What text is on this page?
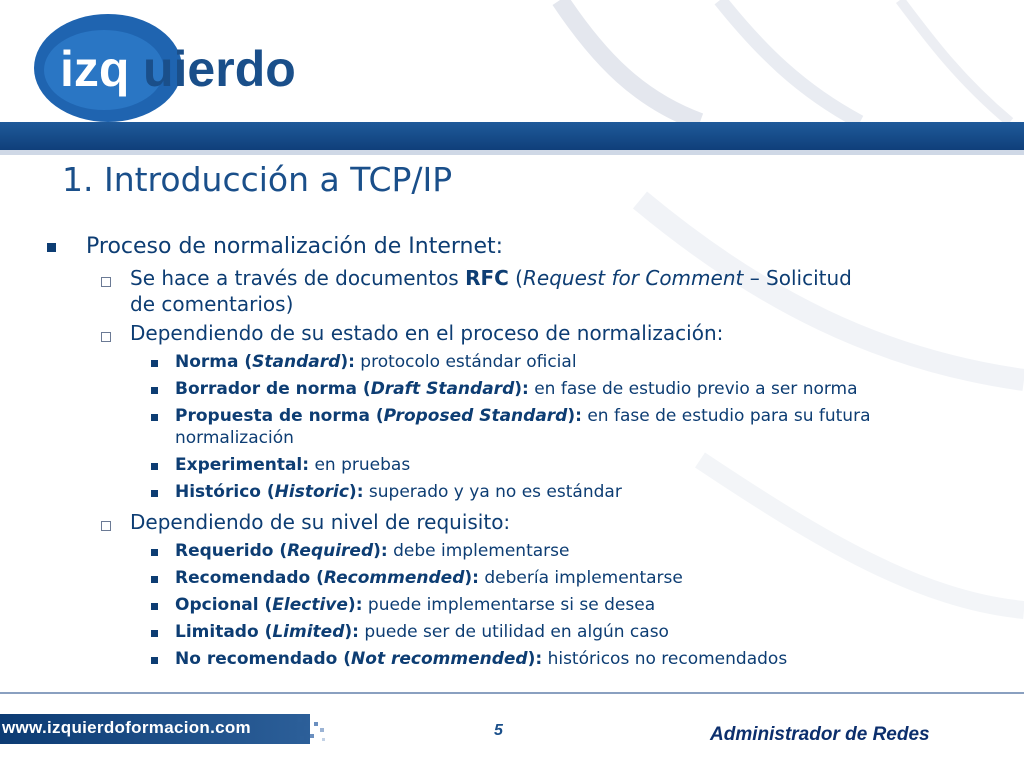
izq uierdo
1. Introducción a TCP/IP
Proceso de normalización de Internet:
Se hace a través de documentos RFC (Request for Comment – Solicitud
de comentarios)
Dependiendo de su estado en el proceso de normalización:
Norma (Standard): protocolo estándar oficial
Borrador de norma (Draft Standard): en fase de estudio previo a ser norma
Propuesta de norma (Proposed Standard): en fase de estudio para su futura
normalización
Experimental: en pruebas
Histórico (Historic): superado y ya no es estándar
Dependiendo de su nivel de requisito:
Requerido (Required): debe implementarse
Recomendado (Recommended): debería implementarse
Opcional (Elective): puede implementarse si se desea
Limitado (Limited): puede ser de utilidad en algún caso
No recomendado (Not recommended): históricos no recomendados
www.izquierdoformacion.com	5	Administrador de Redes
